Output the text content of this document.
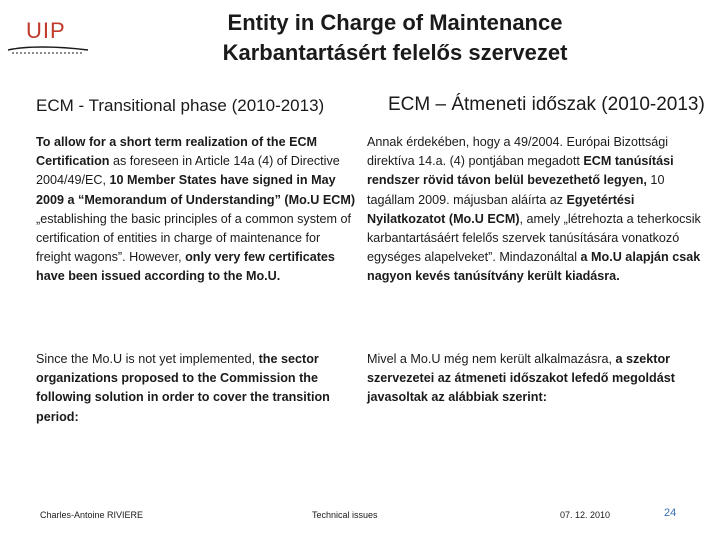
UIP	Entity in Charge of Maintenance
Karbantartásért felelős szervezet
ECM - Transitional phase (2010-2013)	ECM – Átmeneti időszak (2010-2013)
To allow for a short term realization of the ECM Certification as foreseen in Article 14a (4) of Directive 2004/49/EC, 10 Member States have signed in May 2009 a “Memorandum of Understanding” (Mo.U ECM) „establishing the basic principles of a common system of certification of entities in charge of maintenance for freight wagons”. However, only very few certificates have been issued according to the Mo.U.
Since the Mo.U is not yet implemented, the sector organizations proposed to the Commission the following solution in order to cover the transition period:
Annak érdekében, hogy a 49/2004. Európai Bizottsági direktíva 14.a. (4) pontjában megadott ECM tanúsítási rendszer rövid távon belül bevezethető legyen, 10 tagállam 2009. májusban aláírta az Egyetértési Nyilatkozatot (Mo.U ECM), amely „létrehozta a teherkocsik karbantartásáért felelős szervek tanúsítására vonatkozó egységes alapelveket”. Mindazonáltal a Mo.U alapján csak nagyon kevés tanúsítvány került kiadásra.
Mivel a Mo.U még nem került alkalmazásra, a szektor szervezetei az átmeneti időszakot lefedő megoldást javasoltak az alábbiak szerint:
Charles-Antoine RIVIERE	Technical issues	07. 12. 2010	24
